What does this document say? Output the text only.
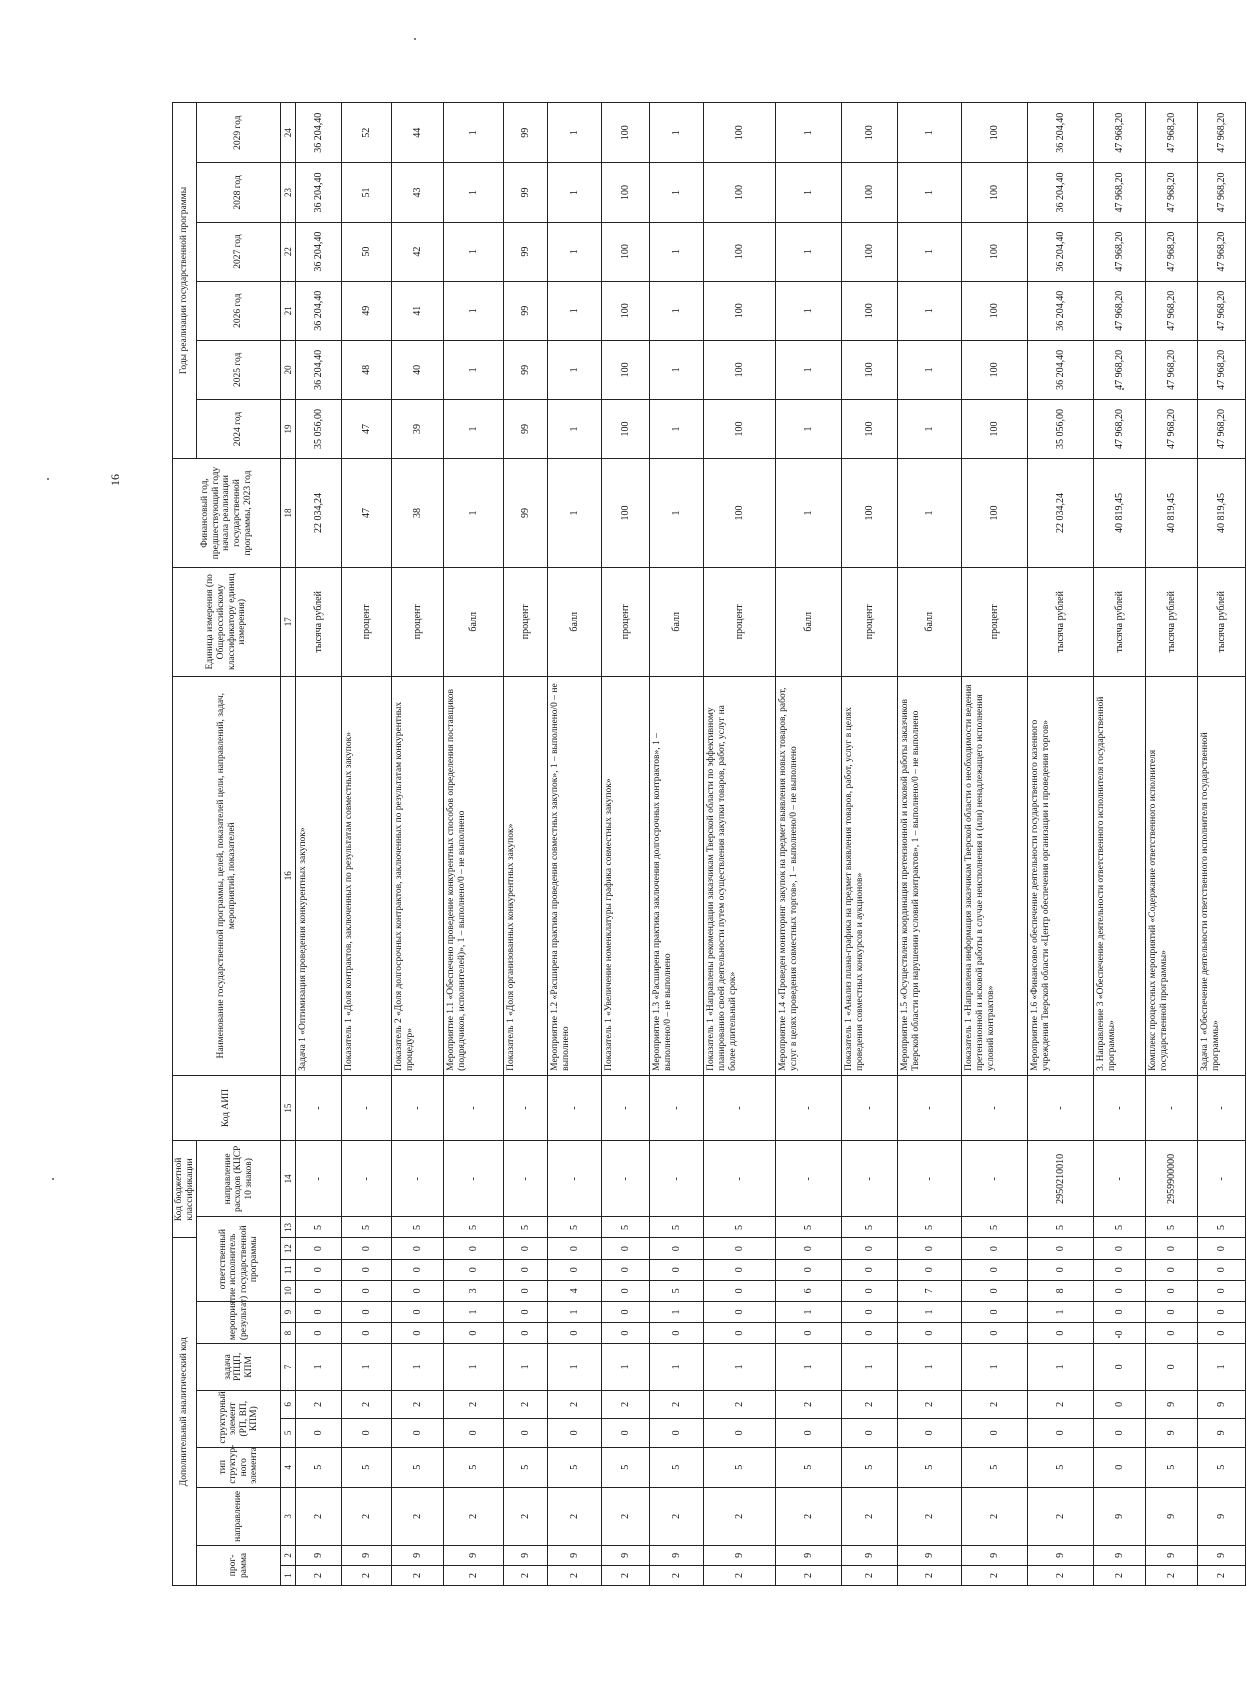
16
Дополнительный аналитический код												Код бюджетной классификации		Код АИП	Наименование государственной программы, целей, показателей цели, направлений, задач, мероприятий, показателей	Единица измерения (по Общероссийскому классификатору единиц измерения)	Финансовый год, предшествующий году начала реализации государственной программы, 2023 год	Годы реализации государственной программы					
прог-рамма		направление	тип структур-ного элемента	структурный элемент (РП, ВП, КПМ)		задача РПЦП, КПМ	мероприятие (результат)		ответственный исполнитель государственной программы				направление расходов (КЦСР 10 знаков)					2024 год	2025 год	2026 год	2027 год	2028 год	2029 год

1	2	3	4	5	6	7	8	9	10	11	12	13	14	15	16	17	18	19	20	21	22	23	24
2	9	2	5	0	2	1	0	0	0	0	0	5	-	-	Задача 1 «Оптимизация проведения конкурентных закупок»	тысяча рублей	22 034,24	35 056,00	36 204,40	36 204,40	36 204,40	36 204,40	36 204,40
2	9	2	5	0	2	1	0	0	0	0	0	5	-	-	Показатель 1 «Доля контрактов, заключенных по результатам совместных закупок»	процент	47	47	48	49	50	51	52
2	9	2	5	0	2	1	0	0	0	0	0	5	-	-	Показатель 2 «Доля долгосрочных контрактов, заключенных по результатам конкурентных процедур»	процент	38	39	40	41	42	43	44
2	9	2	5	0	2	1	0	1	3	0	0	5	-	-	Мероприятие 1.1 «Обеспечено проведение конкурентных способов определения поставщиков (подрядчиков, исполнителей)», 1 – выполнено/0 – не выполнено	балл	1	1	1	1	1	1	1
2	9	2	5	0	2	1	0	0	0	0	0	5	-	-	Показатель 1 «Доля организованных конкурентных закупок»	процент	99	99	99	99	99	99	99
2	9	2	5	0	2	1	0	1	4	0	0	5	-	-	Мероприятие 1.2 «Расширена практика проведения совместных закупок», 1 – выполнено/0 – не выполнено	балл	1	1	1	1	1	1	1
2	9	2	5	0	2	1	0	0	0	0	0	5	-	-	Показатель 1 «Увеличение номенклатуры графика совместных закупок»	процент	100	100	100	100	100	100	100
2	9	2	5	0	2	1	0	1	5	0	0	5	-	-	Мероприятие 1.3 «Расширена практика заключения долгосрочных контрактов», 1 – выполнено/0 – не выполнено	балл	1	1	1	1	1	1	1
2	9	2	5	0	2	1	0	0	0	0	0	5	-	-	Показатель 1 «Направлены рекомендации заказчикам Тверской области по эффективному планированию своей деятельности путем осуществления закупки товаров, работ, услуг на более длительный срок»	процент	100	100	100	100	100	100	100
2	9	2	5	0	2	1	0	1	6	0	0	5	-	-	Мероприятие 1.4 «Проведен мониторинг закупок на предмет выявления новых товаров, работ, услуг в целях проведения совместных торгов», 1 – выполнено/0 – не выполнено	балл	1	1	1	1	1	1	1
2	9	2	5	0	2	1	0	0	0	0	0	5	-	-	Показатель 1 «Анализ плана-графика на предмет выявления товаров, работ, услуг в целях проведения совместных конкурсов и аукционов»	процент	100	100	100	100	100	100	100
2	9	2	5	0	2	1	0	1	7	0	0	5	-	-	Мероприятие 1.5 «Осуществлена координация претензионной и исковой работы заказчиков Тверской области при нарушении условий контрактов», 1 – выполнено/0 – не выполнено	балл	1	1	1	1	1	1	1
2	9	2	5	0	2	1	0	0	0	0	0	5	-	-	Показатель 1 «Направлена информация заказчикам Тверской области о необходимости ведения претензионной и исковой работы в случае неисполнения и (или) ненадлежащего исполнения условий контрактов»	процент	100	100	100	100	100	100	100
2	9	2	5	0	2	1	0	1	8	0	0	5	2950210010	-	Мероприятие 1.6 «Финансовое обеспечение деятельности государственного казенного учреждения Тверской области «Центр обеспечения организации и проведения торгов»	тысяча рублей	22 034,24	35 056,00	36 204,40	36 204,40	36 204,40	36 204,40	36 204,40
2	9	9	0	0	0	0	0	0	0	0	0	5	-	-	3. Направление 3 «Обеспечение деятельности ответственного исполнителя государственной программы»	тысяча рублей	40 819,45	47 968,20	47 968,20	47 968,20	47 968,20	47 968,20	47 968,20
2	9	9	5	9	9	0	0	0	0	0	0	5	2959900000	-	Комплекс процессных мероприятий «Содержание ответственного исполнителя государственной программы»	тысяча рублей	40 819,45	47 968,20	47 968,20	47 968,20	47 968,20	47 968,20	47 968,20
2	9	9	5	9	9	1	0	0	0	0	0	5	-	-	Задача 1 «Обеспечение деятельности ответственного исполнителя государственной программы»	тысяча рублей	40 819,45	47 968,20	47 968,20	47 968,20	47 968,20	47 968,20	47 968,20
